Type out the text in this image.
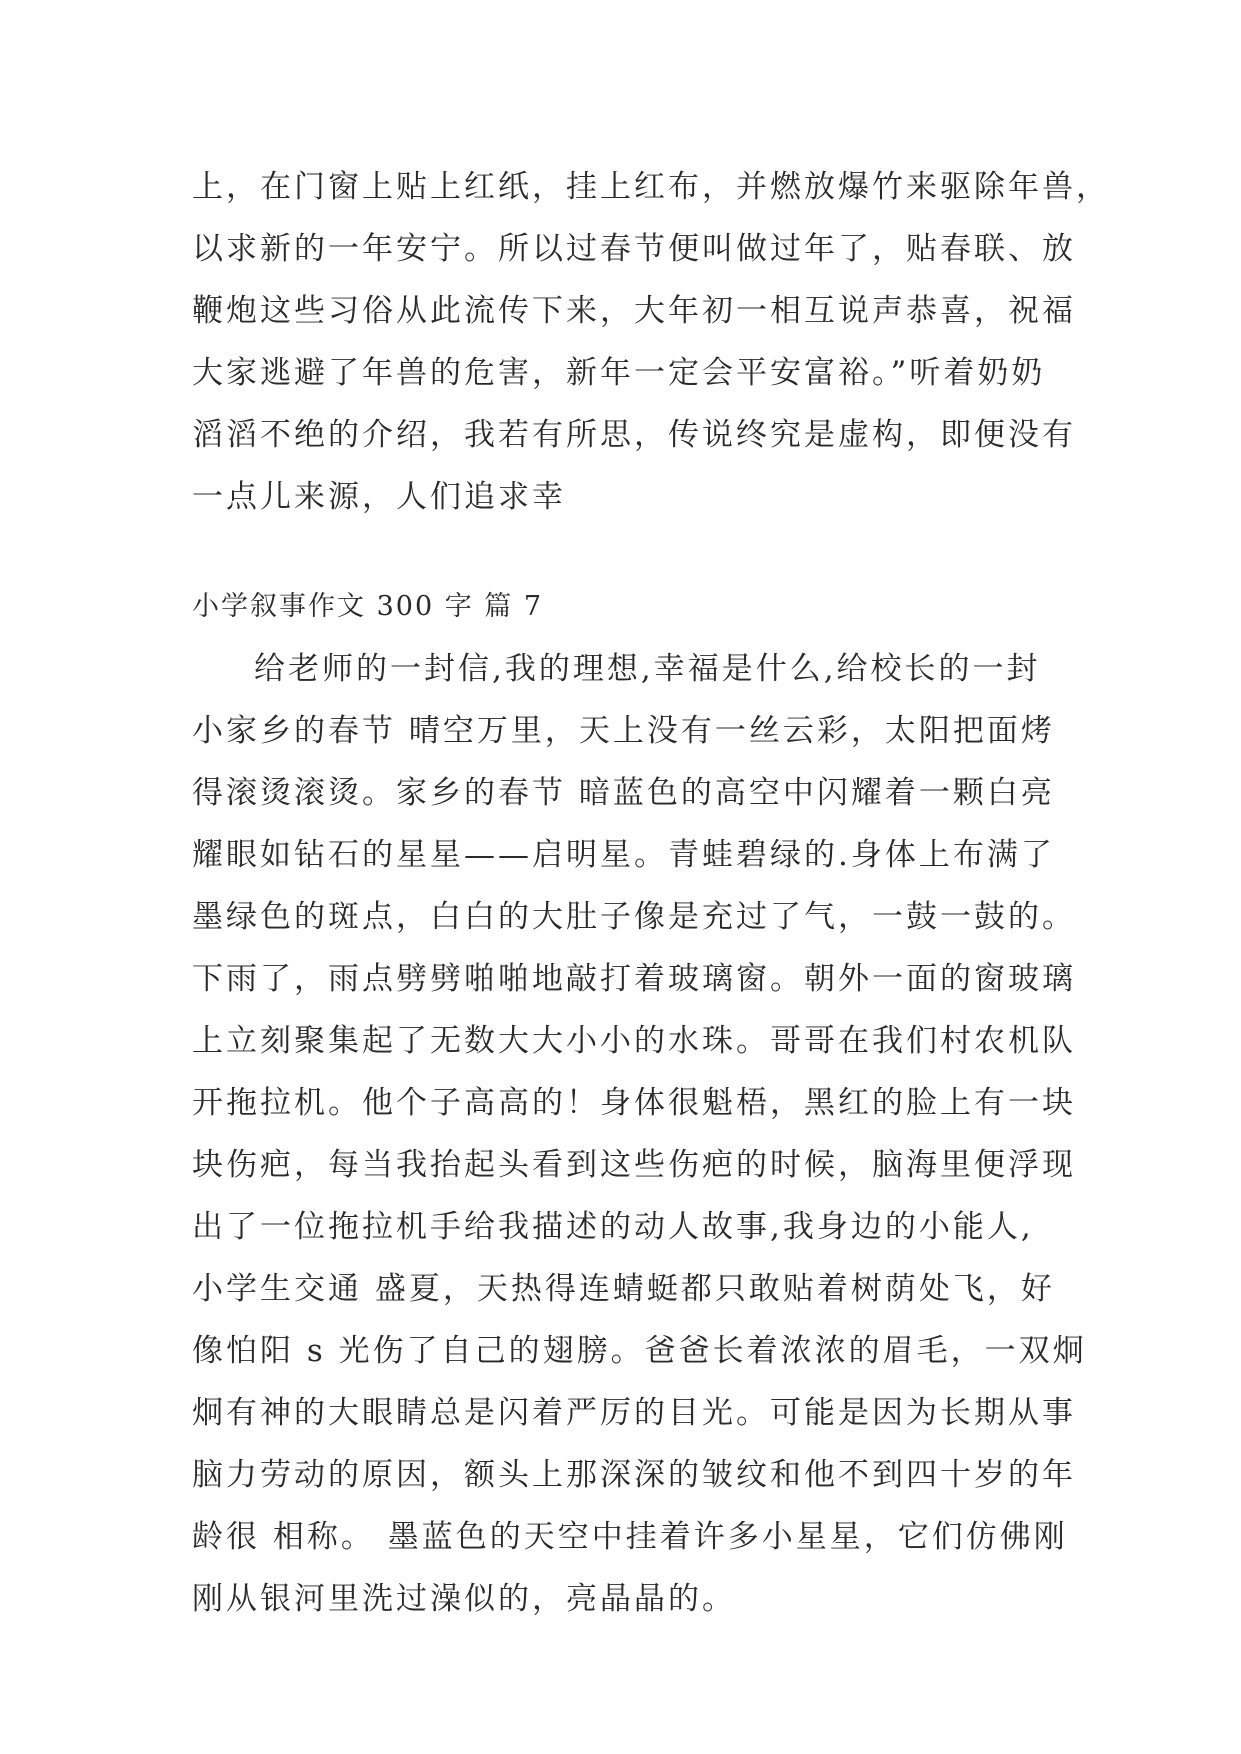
上，在门窗上贴上红纸，挂上红布，并燃放爆竹来驱除年兽，
以求新的一年安宁。所以过春节便叫做过年了，贴春联、放
鞭炮这些习俗从此流传下来，大年初一相互说声恭喜，祝福
大家逃避了年兽的危害，新年一定会平安富裕。”听着奶奶
滔滔不绝的介绍，我若有所思，传说终究是虚构，即便没有
一点儿来源，人们追求幸
小学叙事作文 300 字 篇 7
给老师的一封信,我的理想,幸福是什么,给校长的一封
小家乡的春节 晴空万里，天上没有一丝云彩，太阳把面烤
得滚烫滚烫。家乡的春节 暗蓝色的高空中闪耀着一颗白亮
耀眼如钻石的星星——启明星。青蛙碧绿的.身体上布满了
墨绿色的斑点，白白的大肚子像是充过了气，一鼓一鼓的。
下雨了，雨点劈劈啪啪地敲打着玻璃窗。朝外一面的窗玻璃
上立刻聚集起了无数大大小小的水珠。哥哥在我们村农机队
开拖拉机。他个子高高的！身体很魁梧，黑红的脸上有一块
块伤疤，每当我抬起头看到这些伤疤的时候，脑海里便浮现
出了一位拖拉机手给我描述的动人故事,我身边的小能人,
小学生交通 盛夏，天热得连蜻蜓都只敢贴着树荫处飞，好
像怕阳 s 光伤了自己的翅膀。爸爸长着浓浓的眉毛，一双炯
炯有神的大眼睛总是闪着严厉的目光。可能是因为长期从事
脑力劳动的原因，额头上那深深的皱纹和他不到四十岁的年
龄很 相称。 墨蓝色的天空中挂着许多小星星，它们仿佛刚
刚从银河里洗过澡似的，亮晶晶的。
